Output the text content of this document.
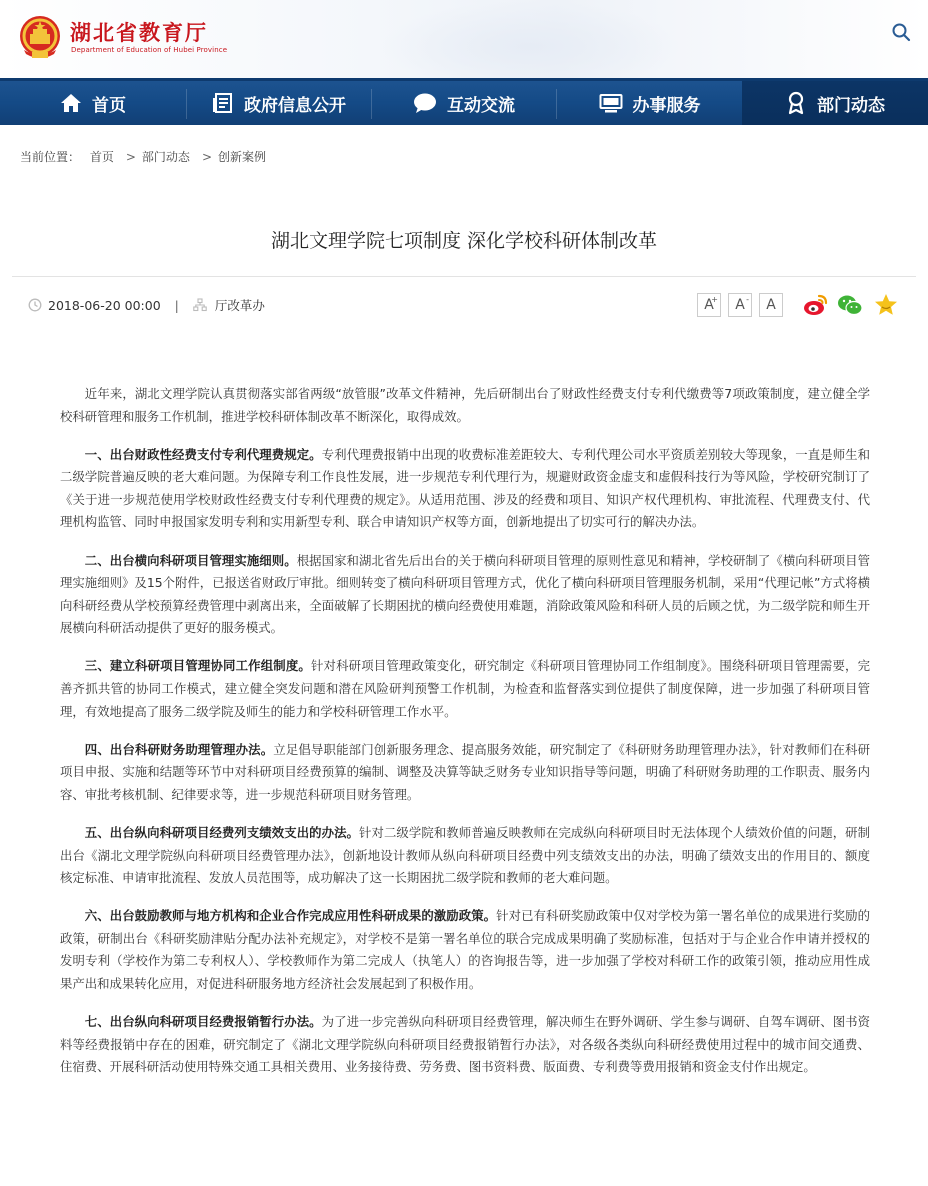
湖北省教育厅
Department of Education of Hubei Province
首页	政府信息公开	互动交流	办事服务	部门动态
当前位置： 首页 > 部门动态 > 创新案例
湖北文理学院七项制度 深化学校科研体制改革
2018-06-20 00:00 |	厅改革办	A
+ A- A

近年来，湖北文理学院认真贯彻落实部省两级“放管服”改革文件精神，先后研制出台了财政性经费支付专利代缴费等7项政策制度，建立健全学校科研管理和服务工作机制，推进学校科研体制改革不断深化，取得成效。

一、出台财政性经费支付专利代理费规定。专利代理费报销中出现的收费标准差距较大、专利代理公司水平资质差别较大等现象，一直是师生和二级学院普遍反映的老大难问题。为保障专利工作良性发展，进一步规范专利代理行为，规避财政资金虚支和虚假科技行为等风险，学校研究制订了《关于进一步规范使用学校财政性经费支付专利代理费的规定》。从适用范围、涉及的经费和项目、知识产权代理机构、审批流程、代理费支付、代理机构监管、同时申报国家发明专利和实用新型专利、联合申请知识产权等方面，创新地提出了切实可行的解决办法。

二、出台横向科研项目管理实施细则。根据国家和湖北省先后出台的关于横向科研项目管理的原则性意见和精神，学校研制了《横向科研项目管理实施细则》及15个附件，已报送省财政厅审批。细则转变了横向科研项目管理方式，优化了横向科研项目管理服务机制，采用“代理记帐”方式将横向科研经费从学校预算经费管理中剥离出来，全面破解了长期困扰的横向经费使用难题，消除政策风险和科研人员的后顾之忧，为二级学院和师生开展横向科研活动提供了更好的服务模式。

三、建立科研项目管理协同工作组制度。针对科研项目管理政策变化，研究制定《科研项目管理协同工作组制度》。围绕科研项目管理需要，完善齐抓共管的协同工作模式，建立健全突发问题和潜在风险研判预警工作机制，为检查和监督落实到位提供了制度保障，进一步加强了科研项目管理，有效地提高了服务二级学院及师生的能力和学校科研管理工作水平。

四、出台科研财务助理管理办法。立足倡导职能部门创新服务理念、提高服务效能，研究制定了《科研财务助理管理办法》，针对教师们在科研项目申报、实施和结题等环节中对科研项目经费预算的编制、调整及决算等缺乏财务专业知识指导等问题，明确了科研财务助理的工作职责、服务内容、审批考核机制、纪律要求等，进一步规范科研项目财务管理。

五、出台纵向科研项目经费列支绩效支出的办法。针对二级学院和教师普遍反映教师在完成纵向科研项目时无法体现个人绩效价值的问题，研制出台《湖北文理学院纵向科研项目经费管理办法》，创新地设计教师从纵向科研项目经费中列支绩效支出的办法，明确了绩效支出的作用目的、额度核定标准、申请审批流程、发放人员范围等，成功解决了这一长期困扰二级学院和教师的老大难问题。

六、出台鼓励教师与地方机构和企业合作完成应用性科研成果的激励政策。针对已有科研奖励政策中仅对学校为第一署名单位的成果进行奖励的政策，研制出台《科研奖励津贴分配办法补充规定》，对学校不是第一署名单位的联合完成成果明确了奖励标准，包括对于与企业合作申请并授权的发明专利（学校作为第二专利权人）、学校教师作为第二完成人（执笔人）的咨询报告等，进一步加强了学校对科研工作的政策引领，推动应用性成果产出和成果转化应用，对促进科研服务地方经济社会发展起到了积极作用。

七、出台纵向科研项目经费报销暂行办法。为了进一步完善纵向科研项目经费管理，解决师生在野外调研、学生参与调研、自驾车调研、图书资料等经费报销中存在的困难，研究制定了《湖北文理学院纵向科研项目经费报销暂行办法》，对各级各类纵向科研经费使用过程中的城市间交通费、住宿费、开展科研活动使用特殊交通工具相关费用、业务接待费、劳务费、图书资料费、版面费、专利费等费用报销和资金支付作出规定。
